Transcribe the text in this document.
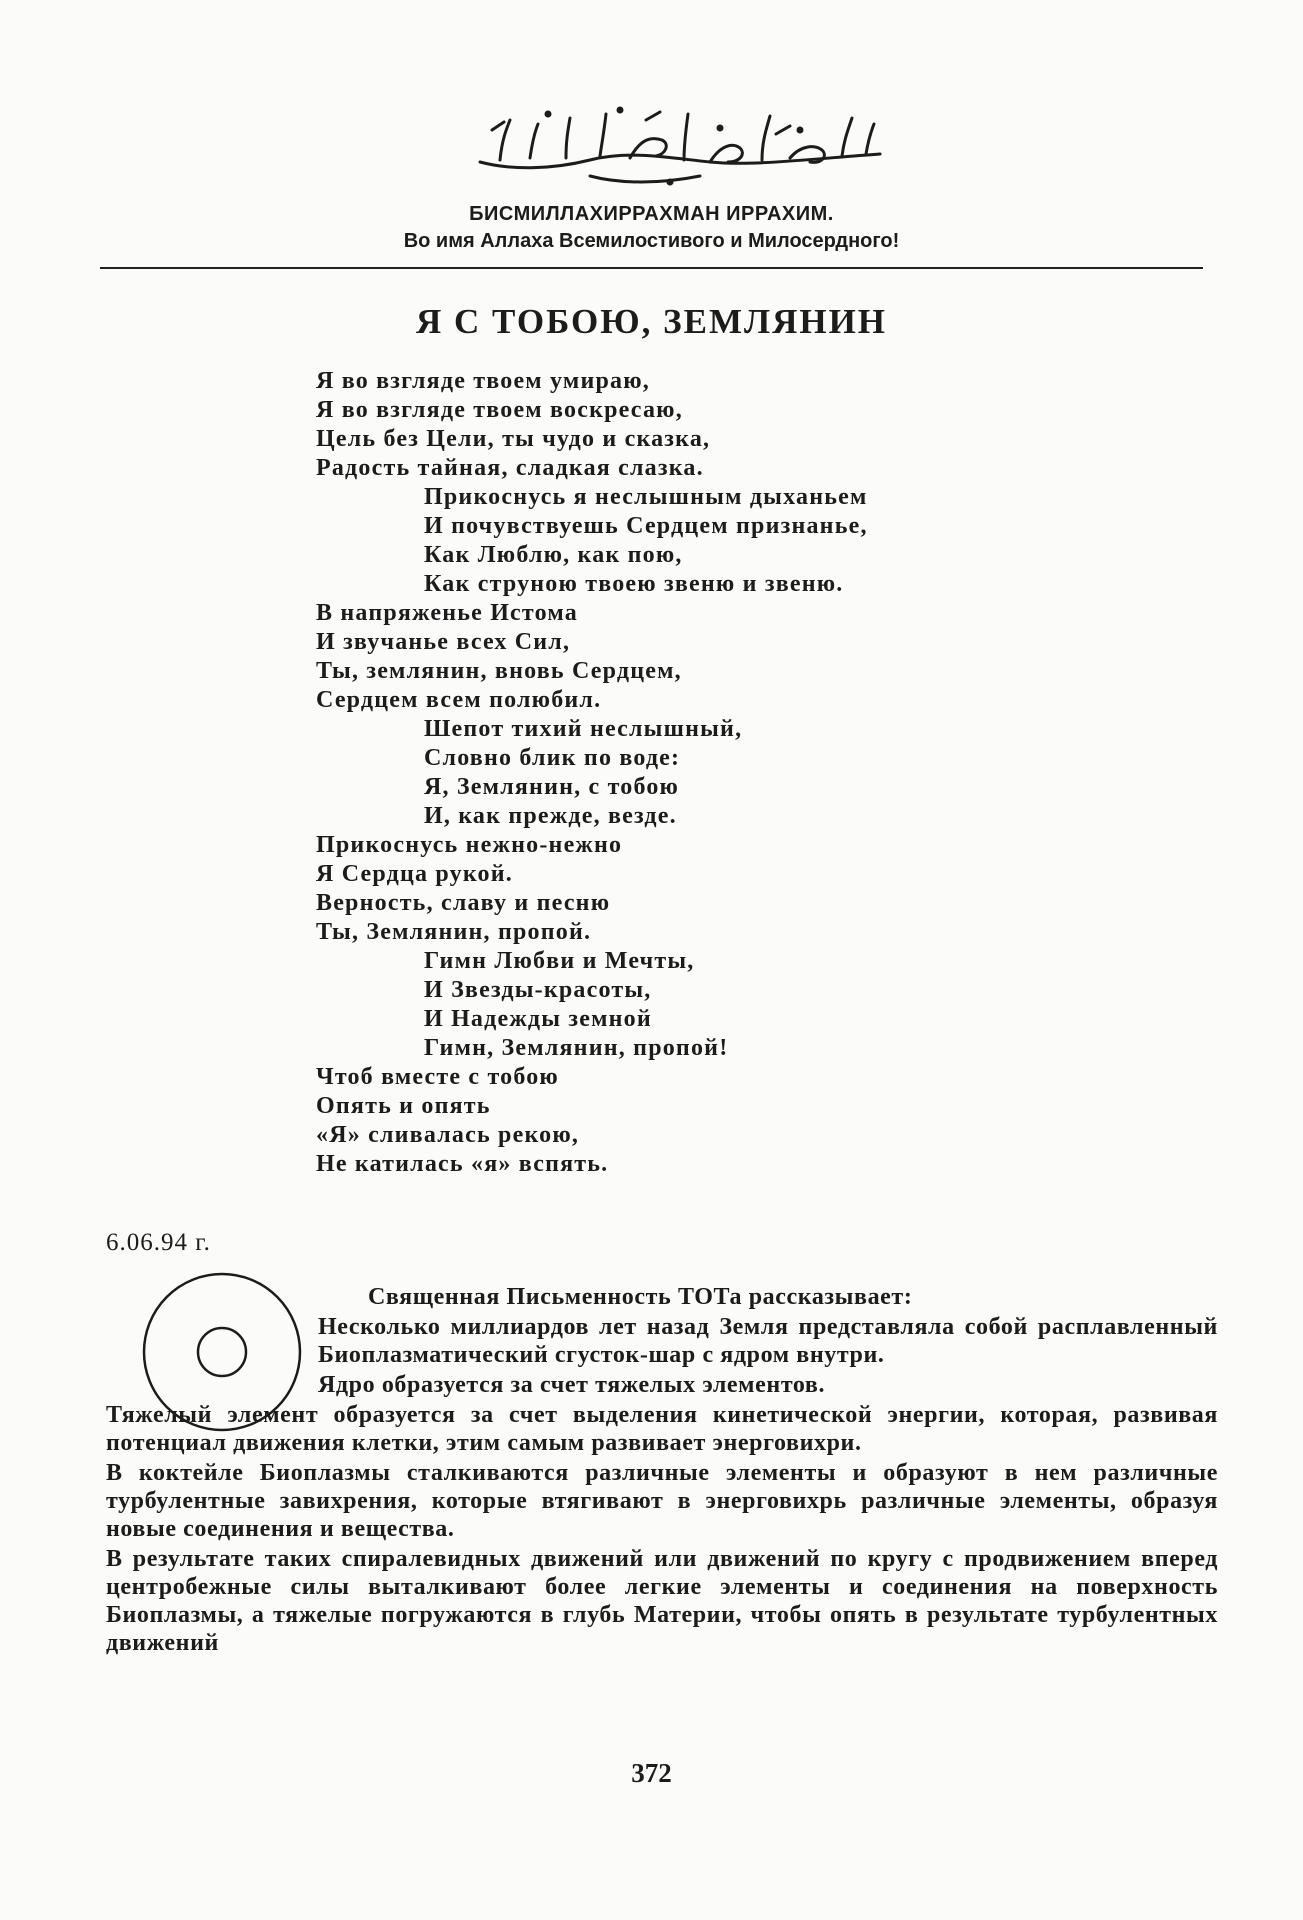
БИСМИЛЛАХИРРАХМАН ИРРАХИМ.
Во имя Аллаха Всемилостивого и Милосердного!
Я С ТОБОЮ, ЗЕМЛЯНИН
Я во взгляде твоем умираю,
Я во взгляде твоем воскресаю,
Цель без Цели, ты чудо и сказка,
Радость тайная, сладкая слазка.
Прикоснусь я неслышным дыханьем
И почувствуешь Сердцем признанье,
Как Люблю, как пою,
Как струною твоею звеню и звеню.
В напряженье Истома
И звучанье всех Сил,
Ты, землянин, вновь Сердцем,
Сердцем всем полюбил.
Шепот тихий неслышный,
Словно блик по воде:
Я, Землянин, с тобою
И, как прежде, везде.
Прикоснусь нежно-нежно
Я Сердца рукой.
Верность, славу и песню
Ты, Землянин, пропой.
Гимн Любви и Мечты,
И Звезды-красоты,
И Надежды земной
Гимн, Землянин, пропой!
Чтоб вместе с тобою
Опять и опять
«Я» сливалась рекою,
Не катилась «я» вспять.
6.06.94 г.

Священная Письменность ТОТа рассказывает:

Несколько миллиардов лет назад Земля представляла собой расплавленный Биоплазматический сгусток-шар с ядром внутри.

Ядро образуется за счет тяжелых элементов.

Тяжелый элемент образуется за счет выделения кинетической энергии, которая, развивая потенциал движения клетки, этим самым развивает энерговихри.

В коктейле Биоплазмы сталкиваются различные элементы и образуют в нем различные турбулентные завихрения, которые втягивают в энерговихрь различные элементы, образуя новые соединения и вещества.

В результате таких спиралевидных движений или движений по кругу с продвижением вперед центробежные силы выталкивают более легкие элементы и соединения на поверхность Биоплазмы, а тяжелые погружаются в глубь Материи, чтобы опять в результате турбулентных движений

372
